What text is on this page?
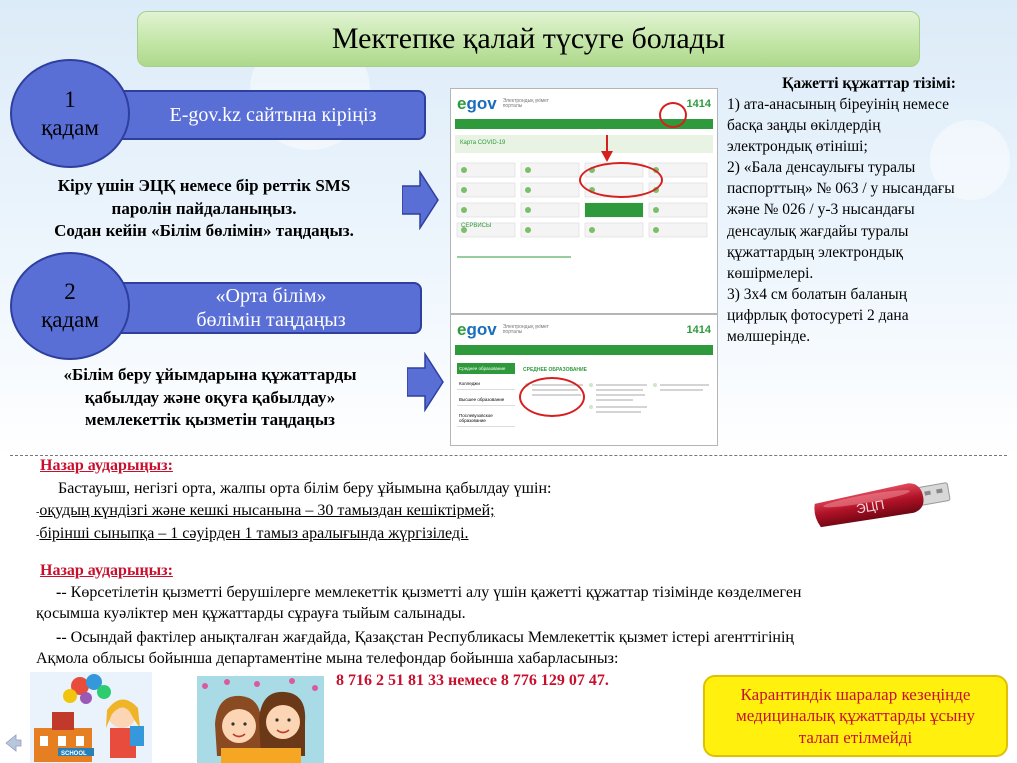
Мектепке қалай түсуге болады
E-gov.kz сайтына кіріңіз
1
қадам
Кіру үшін ЭЦҚ немесе бір реттік SMS
паролін пайдаланыңыз.
Содан кейін «Білім бөлімін» таңдаңыз.
«Орта білім»
бөлімін таңдаңыз
2
қадам
«Білім беру ұйымдарына құжаттарды
қабылдау және оқуға қабылдау»
мемлекеттік қызметін таңдаңыз
egov Электрондық үкімет порталы	1414
Карта COVID-19
СЕРВИСЫ
egov Электрондық үкімет порталы	1414
Среднее образование
Колледжи
Высшее образование
Послевузовское образование
СРЕДНЕЕ ОБРАЗОВАНИЕ
Қажетті құжаттар тізімі:
1) ата-анасының біреуінің немесе
басқа заңды өкілдердің
электрондық өтініші;
2) «Бала денсаулығы туралы
паспорттың» № 063 / у нысандағы
және № 026 / у-3 нысандағы
денсаулық жағдайы туралы
құжаттардың электрондық
көшірмелері.
3) 3х4 см болатын баланың
цифрлық фотосуреті 2 дана
мөлшерінде.
Назар аударыңыз:
Бастауыш, негізгі орта, жалпы орта білім беру ұйымына қабылдау үшін:
-оқудың күндізгі және кешкі нысанына – 30 тамыздан кешіктірмей;
-бірінші сыныпқа – 1 сәуірден 1 тамыз аралығында жүргізіледі.
ЭЦП
Назар аударыңыз:
-- Көрсетілетін қызметті берушілерге мемлекеттік қызметті алу үшін қажетті құжаттар тізімінде көзделмеген
қосымша куәліктер мен құжаттарды сұрауға тыйым салынады.
-- Осындай фактілер анықталған жағдайда, Қазақстан Республикасы Мемлекеттік қызмет істері агенттігінің
Ақмола облысы бойынша департаментіне мына телефондар бойынша хабарласыныз:
8 716 2 51 81 33 немесе 8 776 129 07 47.
Карантиндік шаралар кезеңінде медициналық құжаттарды ұсыну талап етілмейді
SCHOOL
